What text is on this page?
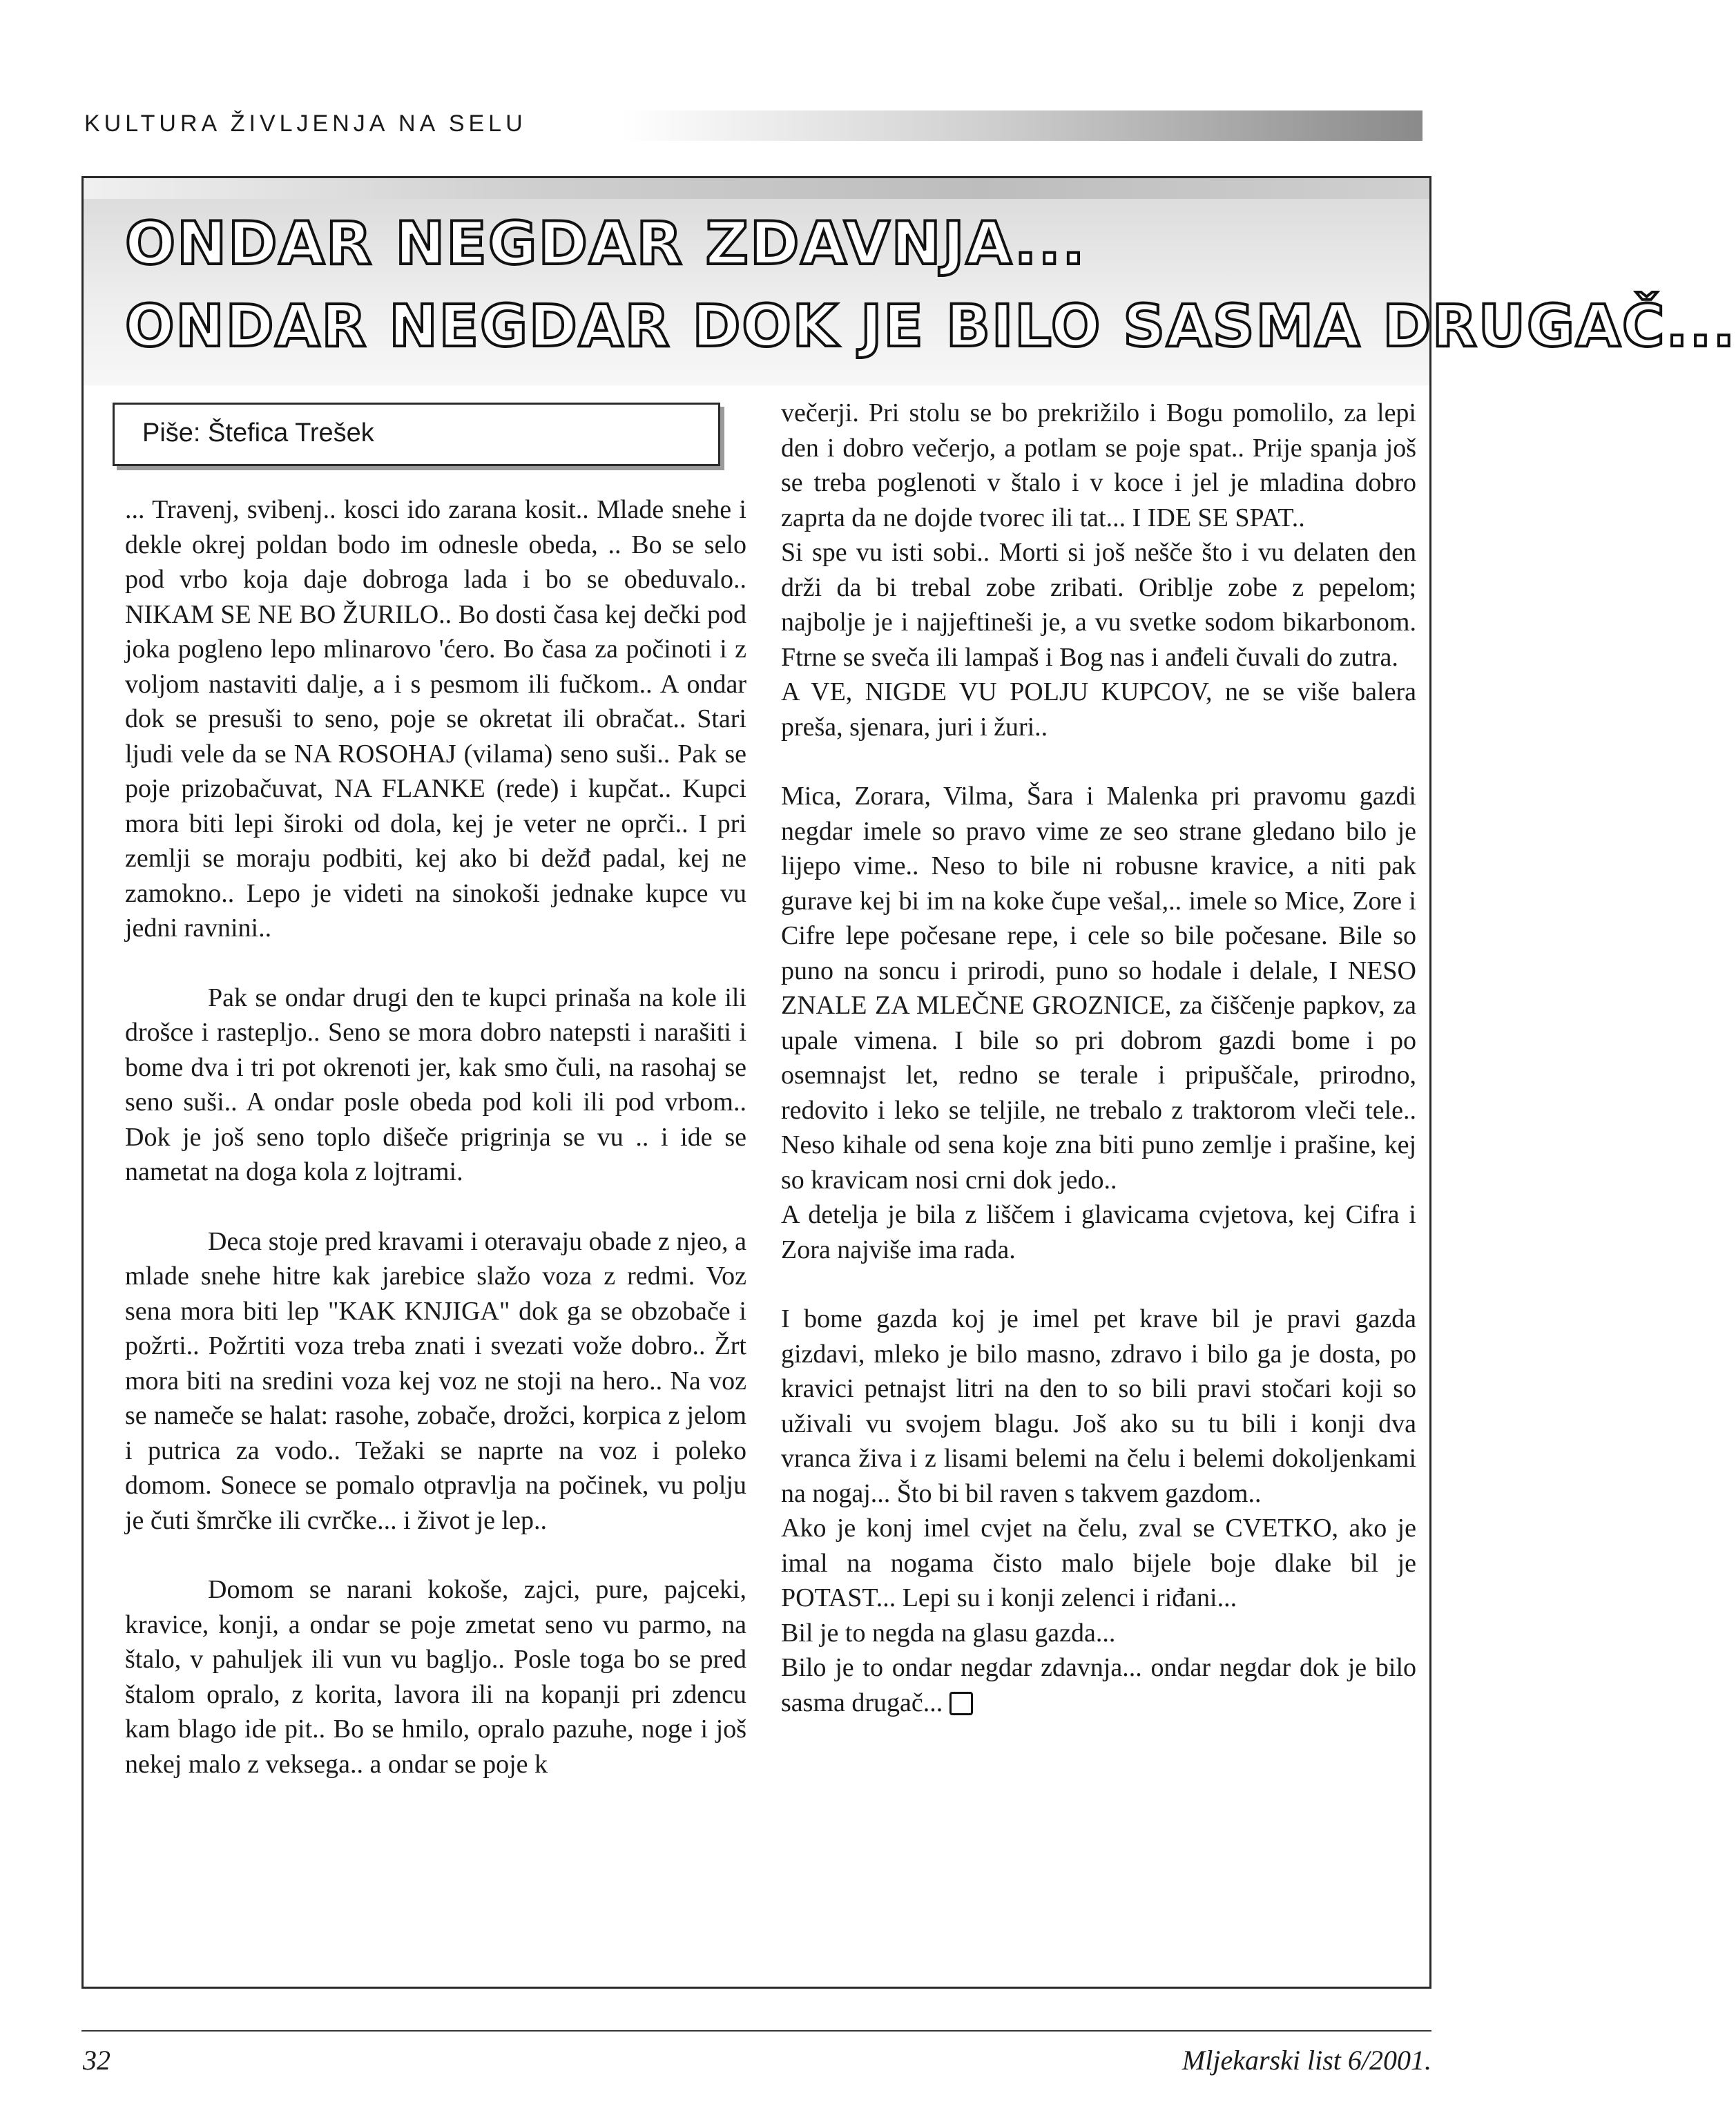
KULTURA ŽIVLJENJA NA SELU
ONDAR NEGDAR ZDAVNJA...
ONDAR NEGDAR DOK JE BILO SASMA DRUGAČ...
Piše: Štefica Trešek

... Travenj, svibenj.. kosci ido zarana kosit.. Mlade snehe i dekle okrej poldan bodo im odnesle obeda, .. Bo se selo pod vrbo koja daje dobroga lada i bo se obeduvalo.. NIKAM SE NE BO ŽURILO.. Bo dosti časa kej dečki pod joka pogleno lepo mlinarovo 'ćero. Bo časa za počinoti i z voljom nastaviti dalje, a i s pesmom ili fučkom.. A ondar dok se presuši to seno, poje se okretat ili obračat.. Stari ljudi vele da se NA ROSOHAJ (vilama) seno suši.. Pak se poje prizobačuvat, NA FLANKE (rede) i kupčat.. Kupci mora biti lepi široki od dola, kej je veter ne oprči.. I pri zemlji se moraju podbiti, kej ako bi dežđ padal, kej ne zamokno.. Lepo je videti na sinokoši jednake kupce vu jedni ravnini..

Pak se ondar drugi den te kupci prinaša na kole ili drošce i rasteplјo.. Seno se mora dobro natepsti i narašiti i bome dva i tri pot okrenoti jer, kak smo čuli, na rasohaj se seno suši.. A ondar posle obeda pod koli ili pod vrbom.. Dok je još seno toplo dišeče prigrinja se vu .. i ide se nametat na doga kola z lojtrami.

Deca stoje pred kravami i oteravaju obade z njeo, a mlade snehe hitre kak jarebice slažo voza z redmi. Voz sena mora biti lep "KAK KNJIGA" dok ga se obzobače i požrti.. Požrtiti voza treba znati i svezati vože dobro.. Žrt mora biti na sredini voza kej voz ne stoji na hero.. Na voz se nameče se halat: rasohe, zobače, drožci, korpica z jelom i putrica za vodo.. Težaki se naprte na voz i poleko domom. Sonece se pomalo otpravlja na počinek, vu polju je čuti šmrčke ili cvrčke... i život je lep..

Domom se narani kokoše, zajci, pure, pajceki, kravice, konji, a ondar se poje zmetat seno vu parmo, na štalo, v pahuljek ili vun vu bagljo.. Posle toga bo se pred štalom opralo, z korita, lavora ili na kopanji pri zdencu kam blago ide pit.. Bo se hmilo, opralo pazuhe, noge i još nekej malo z veksega.. a ondar se poje k

večerji. Pri stolu se bo prekrižilo i Bogu pomolilo, za lepi den i dobro večerjo, a potlam se poje spat.. Prije spanja još se treba poglenoti v štalo i v koce i jel je mladina dobro zaprta da ne dojde tvorec ili tat... I IDE SE SPAT..

Si spe vu isti sobi.. Morti si još nešče što i vu delaten den drži da bi trebal zobe zribati. Oriblje zobe z pepelom; najbolje je i najjeftineši je, a vu svetke sodom bikarbonom. Ftrne se sveča ili lampaš i Bog nas i anđeli čuvali do zutra.

A VE, NIGDE VU POLJU KUPCOV, ne se više balera preša, sjenara, juri i žuri..

Mica, Zorara, Vilma, Šara i Malenka pri pravomu gazdi negdar imele so pravo vime ze seo strane gledano bilo je lijepo vime.. Neso to bile ni robusne kravice, a niti pak gurave kej bi im na koke čupe vešal,.. imele so Mice, Zore i Cifre lepe počesane repe, i cele so bile počesane. Bile so puno na soncu i prirodi, puno so hodale i delale, I NESO ZNALE ZA MLEČNE GROZNICE, za čiščenje papkov, za upale vimena. I bile so pri dobrom gazdi bome i po osemnajst let, redno se terale i pripuščale, prirodno, redovito i leko se teljile, ne trebalo z traktorom vleči tele.. Neso kihale od sena koje zna biti puno zemlje i prašine, kej so kravicam nosi crni dok jedo..

A detelja je bila z liščem i glavicama cvjetova, kej Cifra i Zora najviše ima rada.

I bome gazda koj je imel pet krave bil je pravi gazda gizdavi, mleko je bilo masno, zdravo i bilo ga je dosta, po kravici petnajst litri na den to so bili pravi stočari koji so uživali vu svojem blagu. Još ako su tu bili i konji dva vranca živa i z lisami belemi na čelu i belemi dokoljenkami na nogaj... Što bi bil raven s takvem gazdom..

Ako je konj imel cvjet na čelu, zval se CVETKO, ako je imal na nogama čisto malo bijele boje dlake bil je POTAST... Lepi su i konji zelenci i riđani...

Bil je to negda na glasu gazda...

Bilo je to ondar negdar zdavnja... ondar negdar dok je bilo sasma drugač...

32	Mljekarski list 6/2001.
